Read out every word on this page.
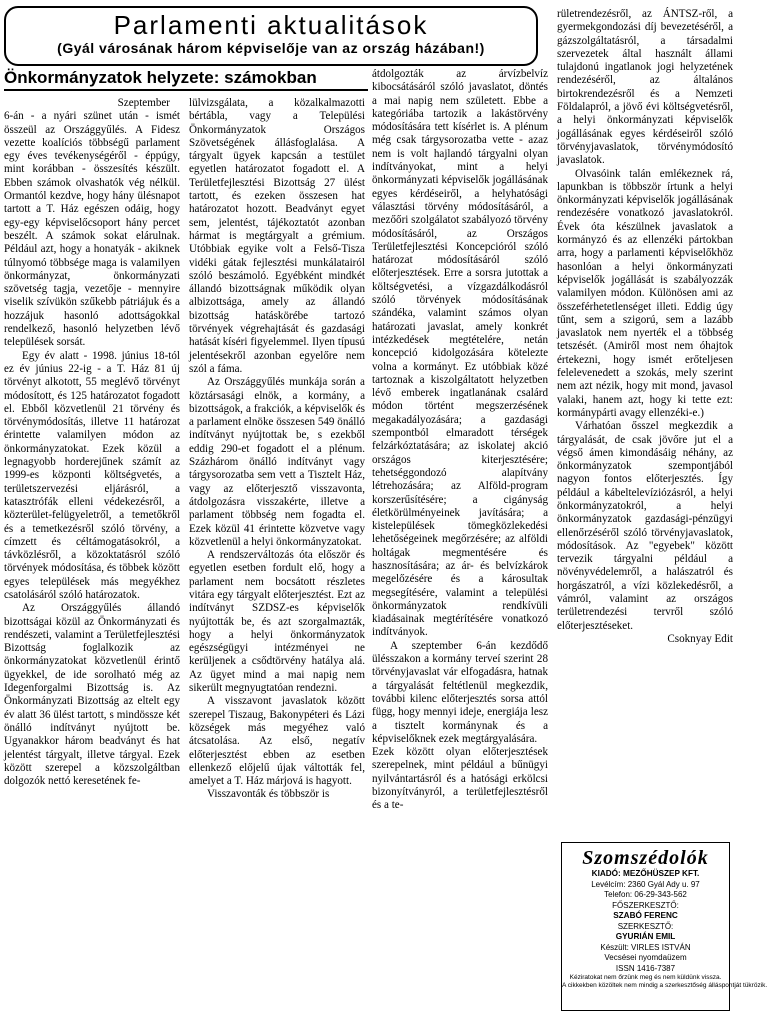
Parlamenti aktualitások
(Gyál városának három képviselője van az ország házában!)
Önkormányzatok helyzete: számokban

Szeptember

6-án - a nyári szünet után - ismét összeül az Országgyűlés. A Fidesz vezette koalíciós többségű parlament egy éves tevékenységéről - éppúgy, mint korábban - összesítés készült. Ebben számok olvashatók vég nélkül. Ormantól kezdve, hogy hány ülésnapot tartott a T. Ház egészen odáig, hogy egy-egy képviselőcsoport hány percet beszélt. A számok sokat elárulnak. Például azt, hogy a honatyák - akiknek túlnyomó többsége maga is valamilyen önkormányzat, önkormányzati szövetség tagja, vezetője - mennyire viselik szívükön szűkebb pátriájuk és a hozzájuk hasonló adottságokkal rendelkező, hasonló helyzetben lévő települések sorsát.

Egy év alatt - 1998. június 18-tól ez év június 22-ig - a T. Ház 81 új törvényt alkotott, 55 meglévő törvényt módosított, és 125 határozatot fogadott el. Ebből közvetlenül 21 törvény és törvénymódosítás, illetve 11 határozat érintette valamilyen módon az önkormányzatokat. Ezek közül a legnagyobb horderejűnek számít az 1999-es központi költségvetés, a területszervezési eljárásról, a katasztrófák elleni védekezésről, a közterület-felügyeletről, a temetőkről és a temetkezésről szóló törvény, a címzett és céltámogatásokról, a távközlésről, a közoktatásról szóló törvények módosítása, és többek között egyes települések más megyékhez csatolásáról szóló határozatok.

Az Országgyűlés állandó bizottságai közül az Önkormányzati és rendészeti, valamint a Területfejlesztési Bizottság foglalkozik az önkormányzatokat közvetlenül érintő ügyekkel, de ide sorolható még az Idegenforgalmi Bizottság is. Az Önkormányzati Bizottság az eltelt egy év alatt 36 ülést tartott, s mindössze két önálló indítványt nyújtott be. Ugyanakkor három beadványt és hat jelentést tárgyalt, illetve tárgyal. Ezek között szerepel a közszolgáltban dolgozók nettó keresetének fe-

lülvizsgálata, a közalkalmazotti bértábla, vagy a Települési Önkormányzatok Országos Szövetségének állásfoglalása. A tárgyalt ügyek kapcsán a testület egyetlen határozatot fogadott el. A Területfejlesztési Bizottság 27 ülést tartott, és ezeken összesen hat határozatot hozott. Beadványt egyet sem, jelentést, tájékoztatót azonban hármat is megtárgyalt a grémium. Utóbbiak egyike volt a Felső-Tisza vidéki gátak fejlesztési munkálatairól szóló beszámoló. Egyébként mindkét állandó bizottságnak működik olyan albizottsága, amely az állandó bizottság hatáskörébe tartozó törvények végrehajtását és gazdasági hatását kíséri figyelemmel. Ilyen típusú jelentésekről azonban egyelőre nem szól a fáma.

Az Országgyűlés munkája során a köztársasági elnök, a kormány, a bizottságok, a frakciók, a képviselők és a parlament elnöke összesen 549 önálló indítványt nyújtottak be, s ezekből eddig 290-et fogadott el a plénum. Százhárom önálló indítványt vagy tárgysorozatba sem vett a Tisztelt Ház, vagy az előterjesztő visszavonta, átdolgozásra visszakérte, illetve a parlament többség nem fogadta el. Ezek közül 41 érintette közvetve vagy közvetlenül a helyi önkormányzatokat.

A rendszerváltozás óta először és egyetlen esetben fordult elő, hogy a parlament nem bocsátott részletes vitára egy tárgyalt előterjesztést. Ezt az indítványt SZDSZ-es képviselők nyújtották be, és azt szorgalmazták, hogy a helyi önkormányzatok egészségügyi intézményei ne kerüljenek a csődtörvény hatálya alá. Az ügyet mind a mai napig nem sikerült megnyugtatóan rendezni.

A visszavont javaslatok között szerepel Tiszaug, Bakonypéteri és Lázi községek más megyéhez való átcsatolása. Az első, negatív előterjesztést ebben az esetben ellenkező előjelű újak váltották fel, amelyet a T. Ház márjová is hagyott.

Visszavonták és többször is

átdolgozták az árvízbelvíz kibocsátásáról szóló javaslatot, döntés a mai napig nem született. Ebbe a kategóriába tartozik a lakástörvény módosítására tett kísérlet is. A plénum még csak tárgysorozatba vette - azaz nem is volt hajlandó tárgyalni olyan indítványokat, mint a helyi önkormányzati képviselők jogállásának egyes kérdéseiről, a helyhatósági választási törvény módosításáról, a mezőőri szolgálatot szabályozó törvény módosításáról, az Országos Területfejlesztési Koncepcióról szóló határozat módosításáról szóló előterjesztések. Erre a sorsra jutottak a költségvetési, a vízgazdálkodásról szóló törvények módosításának szándéka, valamint számos olyan határozati javaslat, amely konkrét intézkedések megtételére, netán koncepció kidolgozására kötelezte volna a kormányt. Ez utóbbiak közé tartoznak a kiszolgáltatott helyzetben lévő emberek ingatlanának csalárd módon történt megszerzésének megakadályozására; a gazdasági szempontból elmaradott térségek felzárkóztatására; az iskolatej akció országos kiterjesztésére; tehetséggondozó alapítvány létrehozására; az Alföld-program korszerűsítésére; a cigányság életkörülményeinek javítására; a kistelepülések tömegközlekedési lehetőségeinek megőrzésére; az alföldi holtágak megmentésére és hasznosítására; az ár- és belvízkárok megelőzésére és a károsultak megsegítésére, valamint a települési önkormányzatok rendkívüli kiadásainak megtérítésére vonatkozó indítványok.

A szeptember 6-án kezdődő ülésszakon a kormány terveí szerint 28 törvényjavaslat vár elfogadásra, hatnak a tárgyalását feltétlenül megkezdik, további kilenc előterjesztés sorsa attól függ, hogy mennyi ideje, energiája lesz a tisztelt kormánynak és a képviselőknek ezek megtárgyalására.

Ezek között olyan előterjesztések szerepelnek, mint például a bűnügyi nyilvántartásról és a hatósági erkölcsi bizonyítványról, a területfejlesztésről és a te-

rületrendezésről, az ÁNTSZ-ről, a gyermekgondozási díj bevezetéséről, a gázszolgáltatásról, a társadalmi szervezetek által használt állami tulajdonú ingatlanok jogi helyzetének rendezéséről, az általános birtokrendezésről és a Nemzeti Földalapról, a jövő évi költségvetésről, a helyi önkormányzati képviselők jogállásának egyes kérdéseiről szóló törvényjavaslatok, törvénymódosító javaslatok.

Olvasóink talán emlékeznek rá, lapunkban is többször írtunk a helyi önkormányzati képviselők jogállásának rendezésére vonatkozó javaslatokról. Évek óta készülnek javaslatok a kormányzó és az ellenzéki pártokban arra, hogy a parlamenti képviselőkhöz hasonlóan a helyi önkormányzati képviselők jogállását is szabályozzák valamilyen módon. Különösen ami az összeférhetetlenséget illeti. Eddig úgy tűnt, sem a szigorú, sem a lazább javaslatok nem nyerték el a többség tetszését. (Amiről most nem óhajtok értekezni, hogy ismét erőteljesen felelevenedett a szokás, mely szerint nem azt nézik, hogy mit mond, javasol valaki, hanem azt, hogy ki tette ezt: kormánypárti avagy ellenzéki-e.)

Várhatóan ősszel megkezdik a tárgyalását, de csak jövőre jut el a végső ámen kimondásáig néhány, az önkormányzatok szempontjából nagyon fontos előterjesztés. Így például a kábeltelevíziózásról, a helyi önkormányzatokról, a helyi önkormányzatok gazdasági-pénzügyi ellenőrzéséről szóló törvényjavaslatok, módosítások. Az "egyebek" között tervezik tárgyalni például a növényvédelemről, a halászatról és horgászatról, a vízi közlekedésről, a vámról, valamint az országos területrendezési tervről szóló előterjesztéseket.

Csoknyay Edit

Szomszédolók
KIADÓ: MEZŐHÜSZEP KFT.
Levélcím: 2360 Gyál Ady u. 97
Telefon: 06-29-343-562
FŐSZERKESZTŐ:
SZABÓ FERENC
SZERKESZTŐ:
GYURIÁN EMIL
Készült: VIRLES ISTVÁN
Vecsései nyomdaüzem
ISSN 1416-7387
Kéziratokat nem őrzünk meg és nem küldünk vissza.
A cikkekben közöltek nem mindig a szerkesztőség álláspontját tükrözik.
